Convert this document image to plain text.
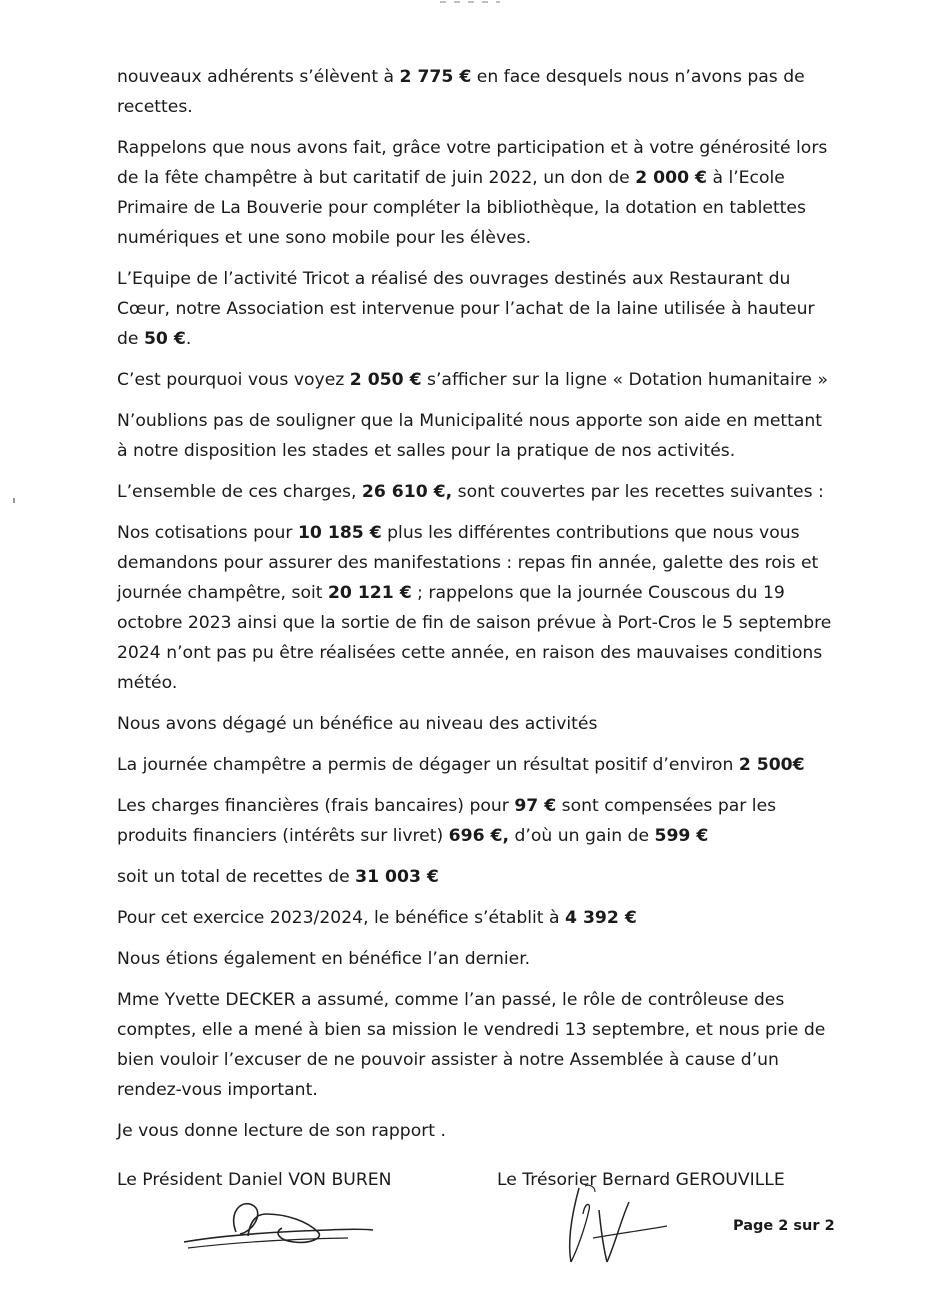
nouveaux adhérents s’élèvent à 2 775 € en face desquels nous n’avons pas de recettes.

Rappelons que nous avons fait, grâce votre participation et à votre générosité lors de la fête champêtre à but caritatif de juin 2022, un don de 2 000 € à l’Ecole Primaire de La Bouverie pour compléter la bibliothèque, la dotation en tablettes numériques et une sono mobile pour les élèves.

L’Equipe de l’activité Tricot a réalisé des ouvrages destinés aux Restaurant du Cœur, notre Association est intervenue pour l’achat de la laine utilisée à hauteur de 50 €.

C’est pourquoi vous voyez 2 050 € s’afficher sur la ligne « Dotation humanitaire »

N’oublions pas de souligner que la Municipalité nous apporte son aide en mettant à notre disposition les stades et salles pour la pratique de nos activités.

L’ensemble de ces charges, 26 610 €, sont couvertes par les recettes suivantes :

Nos cotisations pour 10 185 € plus les différentes contributions que nous vous demandons pour assurer des manifestations : repas fin année, galette des rois et journée champêtre, soit 20 121 € ; rappelons que la journée Couscous du 19 octobre 2023 ainsi que la sortie de fin de saison prévue à Port-Cros le 5 septembre 2024 n’ont pas pu être réalisées cette année, en raison des mauvaises conditions météo.

Nous avons dégagé un bénéfice au niveau des activités

La journée champêtre a permis de dégager un résultat positif d’environ 2 500€

Les charges financières (frais bancaires) pour 97 € sont compensées par les produits financiers (intérêts sur livret) 696 €, d’où un gain de 599 €

soit un total de recettes de 31 003 €

Pour cet exercice 2023/2024, le bénéfice s’établit à 4 392 €

Nous étions également en bénéfice l’an dernier.

Mme Yvette DECKER a assumé, comme l’an passé, le rôle de contrôleuse des comptes, elle a mené à bien sa mission le vendredi 13 septembre, et nous prie de bien vouloir l’excuser de ne pouvoir assister à notre Assemblée à cause d’un rendez-vous important.

Je vous donne lecture de son rapport .

Le Président Daniel VON BUREN	Le Trésorier Bernard GEROUVILLE
Page 2 sur 2
